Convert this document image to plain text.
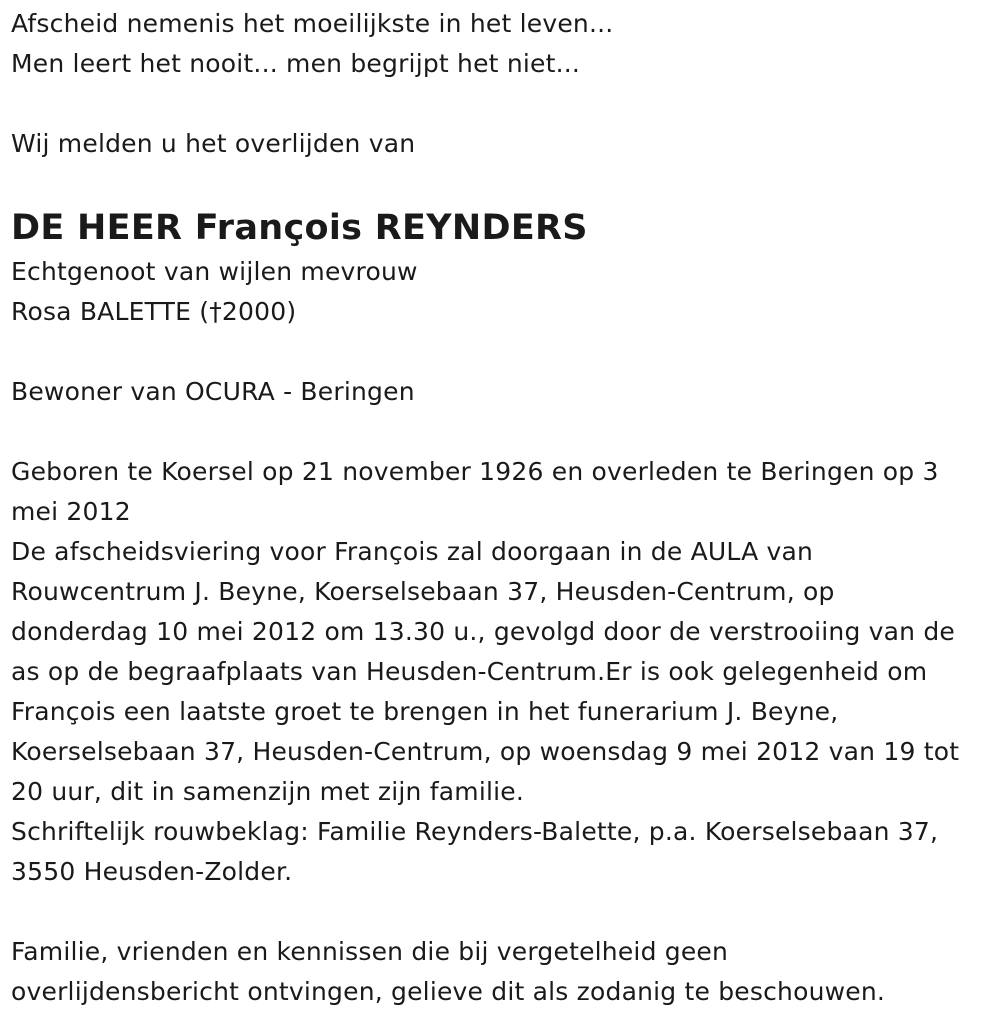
Afscheid nemenis het moeilijkste in het leven...
Men leert het nooit... men begrijpt het niet...
Wij melden u het overlijden van
DE HEER François REYNDERS
Echtgenoot van wijlen mevrouw
Rosa BALETTE (†2000)
Bewoner van OCURA - Beringen
Geboren te Koersel op 21 november 1926 en overleden te Beringen op 3
mei 2012
De afscheidsviering voor François zal doorgaan in de AULA van
Rouwcentrum J. Beyne, Koerselsebaan 37, Heusden-Centrum, op
donderdag 10 mei 2012 om 13.30 u., gevolgd door de verstrooiing van de
as op de begraafplaats van Heusden-Centrum.Er is ook gelegenheid om
François een laatste groet te brengen in het funerarium J. Beyne,
Koerselsebaan 37, Heusden-Centrum, op woensdag 9 mei 2012 van 19 tot
20 uur, dit in samenzijn met zijn familie.
Schriftelijk rouwbeklag: Familie Reynders-Balette, p.a. Koerselsebaan 37,
3550 Heusden-Zolder.
Familie, vrienden en kennissen die bij vergetelheid geen
overlijdensbericht ontvingen, gelieve dit als zodanig te beschouwen.
